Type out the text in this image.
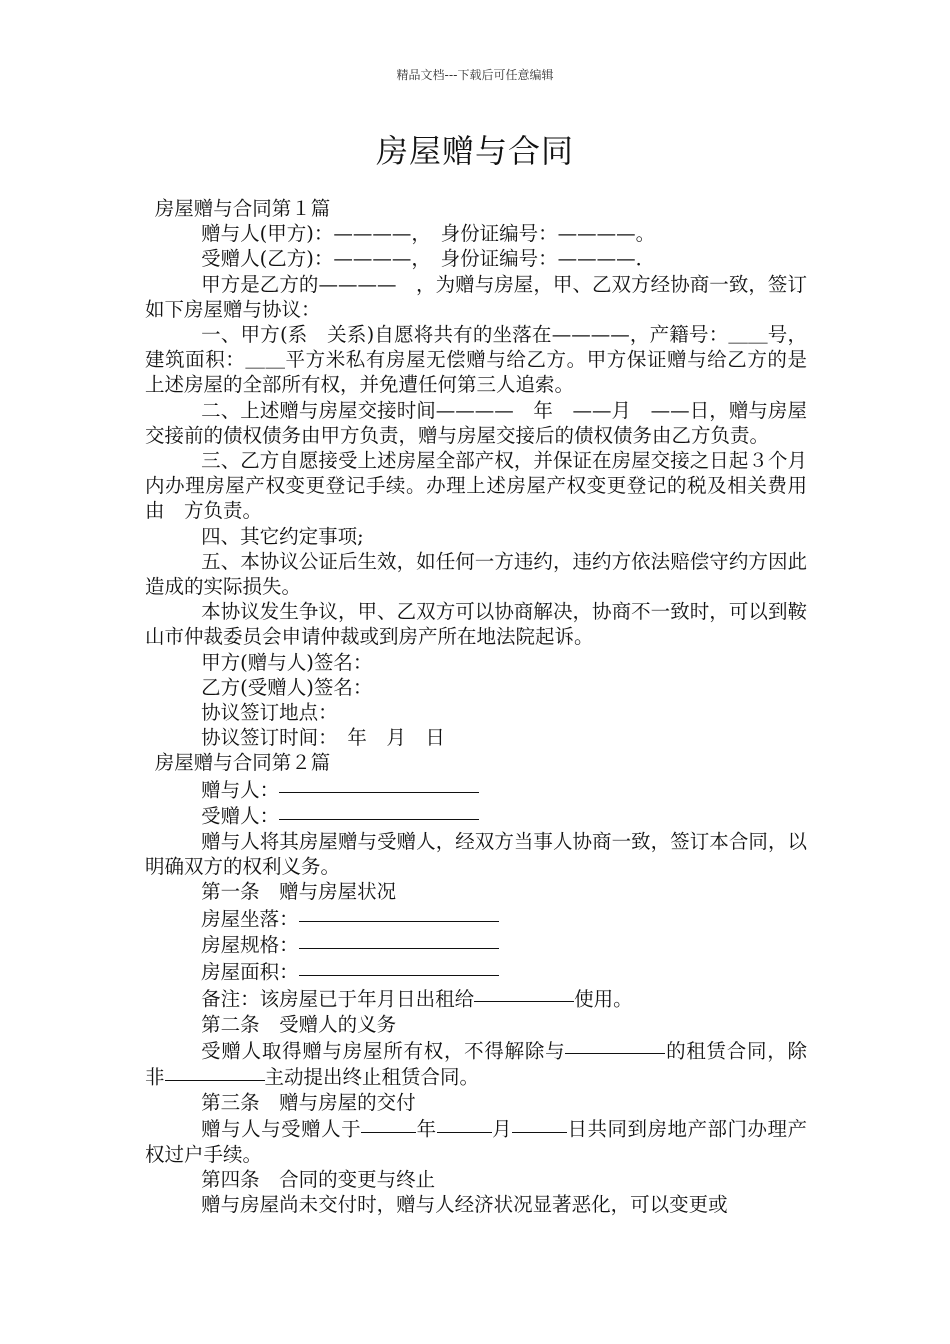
精品文档---下载后可任意编辑
房屋赠与合同

房屋赠与合同第１篇

赠与人(甲方)：————，　身份证编号：————。

受赠人(乙方)：————，　身份证编号：————．

甲方是乙方的————　，为赠与房屋，甲、乙双方经协商一致，签订如下房屋赠与协议：

一、甲方(系　关系)自愿将共有的坐落在————，产籍号：＿＿号，建筑面积：＿＿平方米私有房屋无偿赠与给乙方。甲方保证赠与给乙方的是上述房屋的全部所有权，并免遭任何第三人追索。

二、上述赠与房屋交接时间————　年　——月　——日，赠与房屋交接前的债权债务由甲方负责，赠与房屋交接后的债权债务由乙方负责。

三、乙方自愿接受上述房屋全部产权，并保证在房屋交接之日起３个月内办理房屋产权变更登记手续。办理上述房屋产权变更登记的税及相关费用由　方负责。

四、其它约定事项;

五、本协议公证后生效，如任何一方违约，违约方依法赔偿守约方因此造成的实际损失。

本协议发生争议，甲、乙双方可以协商解决，协商不一致时，可以到鞍山市仲裁委员会申请仲裁或到房产所在地法院起诉。

甲方(赠与人)签名：

乙方(受赠人)签名：

协议签订地点：

协议签订时间：　年　月　日

房屋赠与合同第２篇

赠与人：

受赠人：

赠与人将其房屋赠与受赠人，经双方当事人协商一致，签订本合同，以明确双方的权利义务。

第一条　赠与房屋状况

房屋坐落：

房屋规格：

房屋面积：

备注：该房屋已于年月日出租给	使用。

第二条　受赠人的义务

受赠人取得赠与房屋所有权，不得解除与	的租赁合同，除非	主动提出终止租赁合同。

第三条　赠与房屋的交付

赠与人与受赠人于	年	月	日共同到房地产部门办理产权过户手续。

第四条　合同的变更与终止

赠与房屋尚未交付时，赠与人经济状况显著恶化，可以变更或
